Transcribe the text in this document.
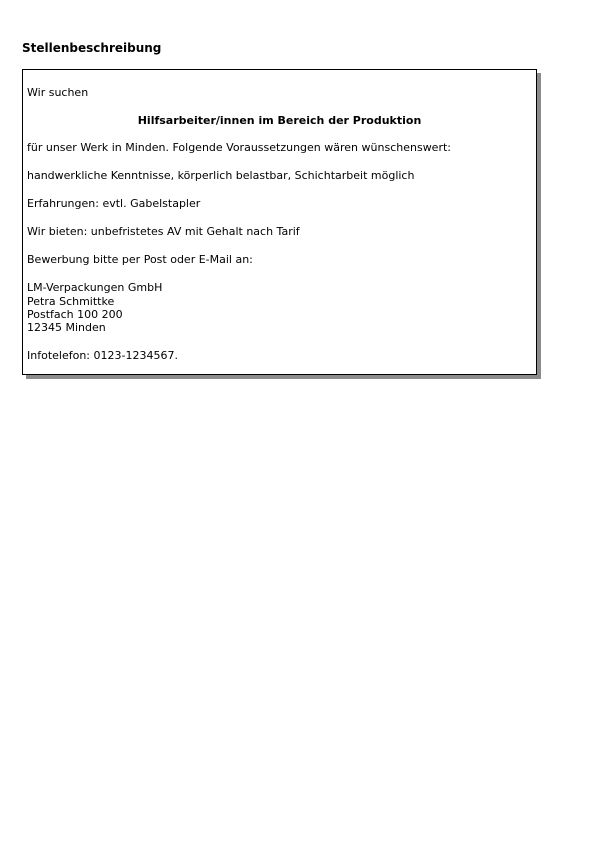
Stellenbeschreibung
Wir suchen
Hilfsarbeiter/innen im Bereich der Produktion
für unser Werk in Minden. Folgende Voraussetzungen wären wünschenswert:
handwerkliche Kenntnisse, körperlich belastbar, Schichtarbeit möglich
Erfahrungen: evtl. Gabelstapler
Wir bieten: unbefristetes AV mit Gehalt nach Tarif
Bewerbung bitte per Post oder E-Mail an:
LM-Verpackungen GmbH
Petra Schmittke
Postfach 100 200
12345 Minden
Infotelefon: 0123-1234567.
